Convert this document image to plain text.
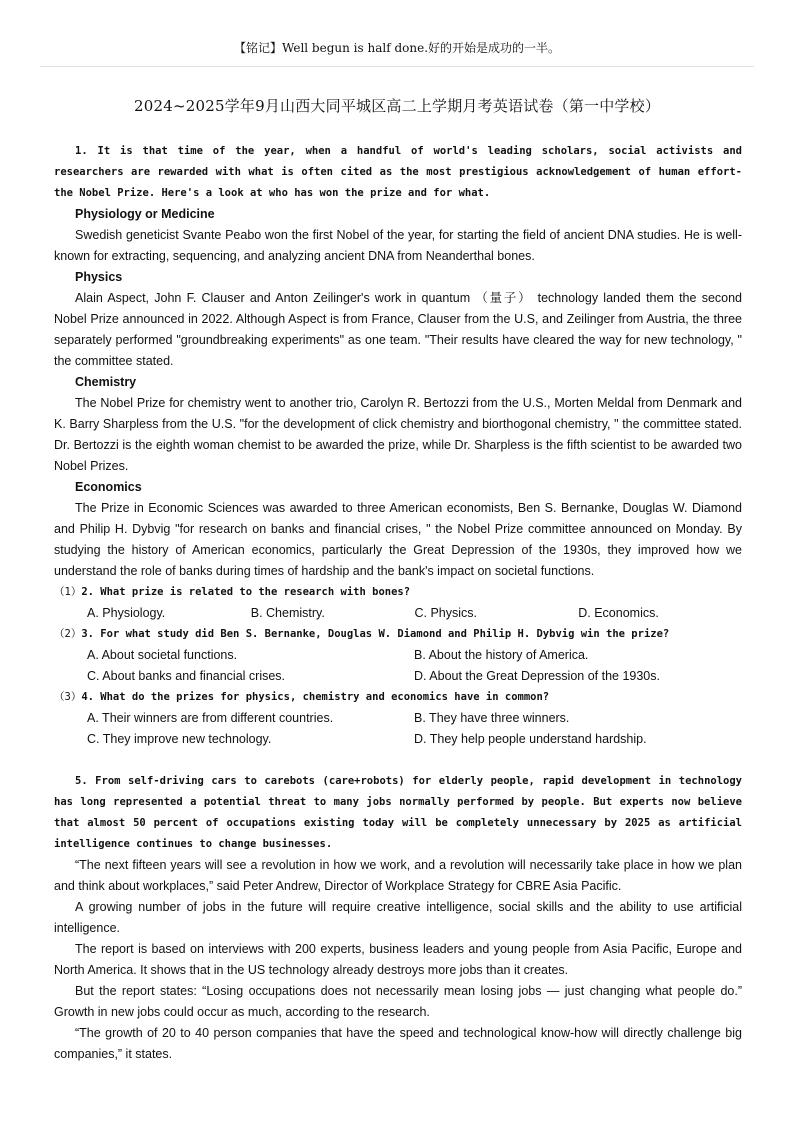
【铭记】Well begun is half done.好的开始是成功的一半。
2024~2025学年9月山西大同平城区高二上学期月考英语试卷（第一中学校）

1. It is that time of the year, when a handful of world's leading scholars, social activists and researchers are rewarded with what is often cited as the most prestigious acknowledgement of human effort-the Nobel Prize. Here's a look at who has won the prize and for what.

Physiology or Medicine

Swedish geneticist Svante Peabo won the first Nobel of the year, for starting the field of ancient DNA studies. He is well-known for extracting, sequencing, and analyzing ancient DNA from Neanderthal bones.

Physics

Alain Aspect, John F. Clauser and Anton Zeilinger's work in quantum （量子） technology landed them the second Nobel Prize announced in 2022. Although Aspect is from France, Clauser from the U.S, and Zeilinger from Austria, the three separately performed "groundbreaking experiments" as one team. "Their results have cleared the way for new technology, " the committee stated.

Chemistry

The Nobel Prize for chemistry went to another trio, Carolyn R. Bertozzi from the U.S., Morten Meldal from Denmark and K. Barry Sharpless from the U.S. "for the development of click chemistry and biorthogonal chemistry, " the committee stated. Dr. Bertozzi is the eighth woman chemist to be awarded the prize, while Dr. Sharpless is the fifth scientist to be awarded two Nobel Prizes.

Economics

The Prize in Economic Sciences was awarded to three American economists, Ben S. Bernanke, Douglas W. Diamond and Philip H. Dybvig "for research on banks and financial crises, " the Nobel Prize committee announced on Monday. By studying the history of American economics, particularly the Great Depression of the 1930s, they improved how we understand the role of banks during times of hardship and the bank's impact on societal functions.

（1）2. What prize is related to the research with bones?

A. Physiology.	B. Chemistry.	C. Physics.	D. Economics.

（2）3. For what study did Ben S. Bernanke, Douglas W. Diamond and Philip H. Dybvig win the prize?

A. About societal functions.	B. About the history of America.
C. About banks and financial crises.	D. About the Great Depression of the 1930s.

（3）4. What do the prizes for physics, chemistry and economics have in common?

A. Their winners are from different countries.	B. They have three winners.
C. They improve new technology.	D. They help people understand hardship.

5. From self-driving cars to carebots (care+robots) for elderly people, rapid development in technology has long represented a potential threat to many jobs normally performed by people. But experts now believe that almost 50 percent of occupations existing today will be completely unnecessary by 2025 as artificial intelligence continues to change businesses.

“The next fifteen years will see a revolution in how we work, and a revolution will necessarily take place in how we plan and think about workplaces,” said Peter Andrew, Director of Workplace Strategy for CBRE Asia Pacific.

A growing number of jobs in the future will require creative intelligence, social skills and the ability to use artificial intelligence.

The report is based on interviews with 200 experts, business leaders and young people from Asia Pacific, Europe and North America. It shows that in the US technology already destroys more jobs than it creates.

But the report states: “Losing occupations does not necessarily mean losing jobs — just changing what people do.” Growth in new jobs could occur as much, according to the research.

“The growth of 20 to 40 person companies that have the speed and technological know-how will directly challenge big companies,” it states.
